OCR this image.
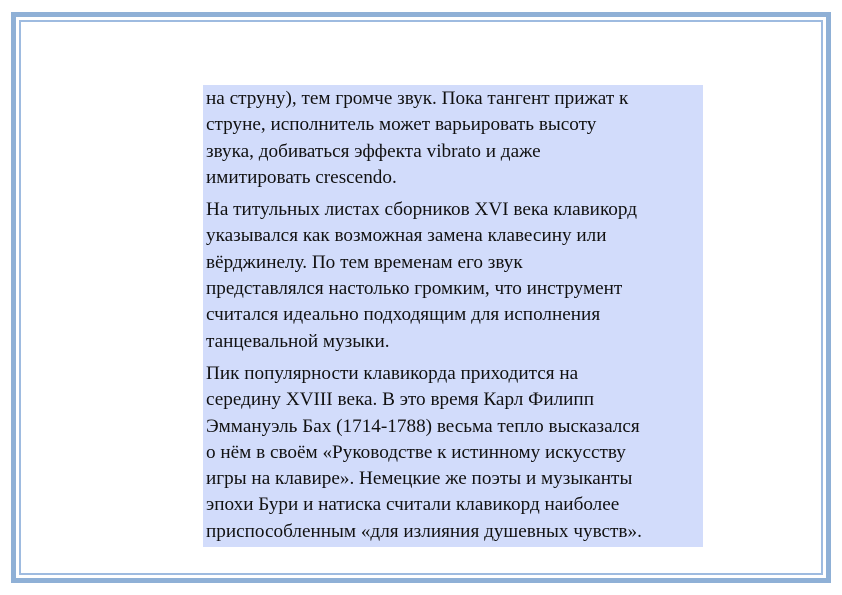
на струну), тем громче звук. Пока тангент прижат к
струне, исполнитель может варьировать высоту
звука, добиваться эффекта vibrato и даже
имитировать crescendo.

На титульных листах сборников XVI века клавикорд
указывался как возможная замена клавесину или
вёрджинелу. По тем временам его звук
представлялся настолько громким, что инструмент
считался идеально подходящим для исполнения
танцевальной музыки.

Пик популярности клавикорда приходится на
середину XVIII века. В это время Карл Филипп
Эммануэль Бах (1714-1788) весьма тепло высказался
о нём в своём «Руководстве к истинному искусству
игры на клавире». Немецкие же поэты и музыканты
эпохи Бури и натиска считали клавикорд наиболее
приспособленным «для излияния душевных чувств».
